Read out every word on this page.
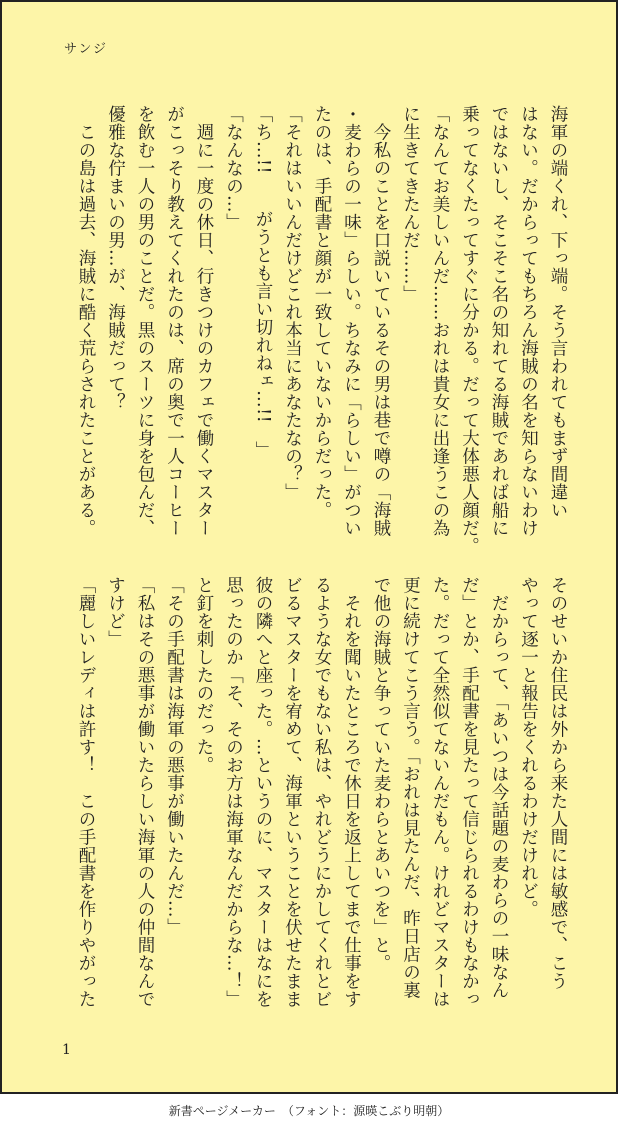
サンジ
海軍の端くれ、下っ端。そう言われてもまず間違い
はない。だからってもちろん海賊の名を知らないわけ
ではないし、そこそこ名の知れてる海賊であれば船に
乗ってなくたってすぐに分かる。だって大体悪人顔だ。
「なんてお美しいんだ……おれは貴女に出逢うこの為
に生きてきたんだ……」
　今私のことを口説いているその男は巷で噂の「海賊
・麦わらの一味」らしい。ちなみに「らしい」がつい
たのは、手配書と顔が一致していないからだった。
「それはいいんだけどこれ本当にあなたなの？」
「ち…!!　　がうとも言い切れねェ…!!　」
「なんなの…」
　週に一度の休日、行きつけのカフェで働くマスター
がこっそり教えてくれたのは、席の奥で一人コーヒー
を飲む一人の男のことだ。黒のスーツに身を包んだ、
優雅な佇まいの男…が、海賊だって？
　この島は過去、海賊に酷く荒らされたことがある。
そのせいか住民は外から来た人間には敏感で、こう
やって逐一と報告をくれるわけだけれど。
　だからって、「あいつは今話題の麦わらの一味なん
だ」とか、手配書を見たって信じられるわけもなかっ
た。だって全然似てないんだもん。けれどマスターは
更に続けてこう言う。「おれは見たんだ、昨日店の裏
で他の海賊と争っていた麦わらとあいつを」と。
　それを聞いたところで休日を返上してまで仕事をす
るような女でもない私は、やれどうにかしてくれとビ
ビるマスターを宥めて、海軍ということを伏せたまま
彼の隣へと座った。…というのに、マスターはなにを
思ったのか「そ、そのお方は海軍なんだからな…！」
と釘を刺したのだった。
「その手配書は海軍の悪事が働いたんだ…」
「私はその悪事が働いたらしい海軍の人の仲間なんで
すけど」
「麗しいレディは許す！　この手配書を作りやがった
1
新書ページメーカー　（フォント：源暎こぶり明朝）
